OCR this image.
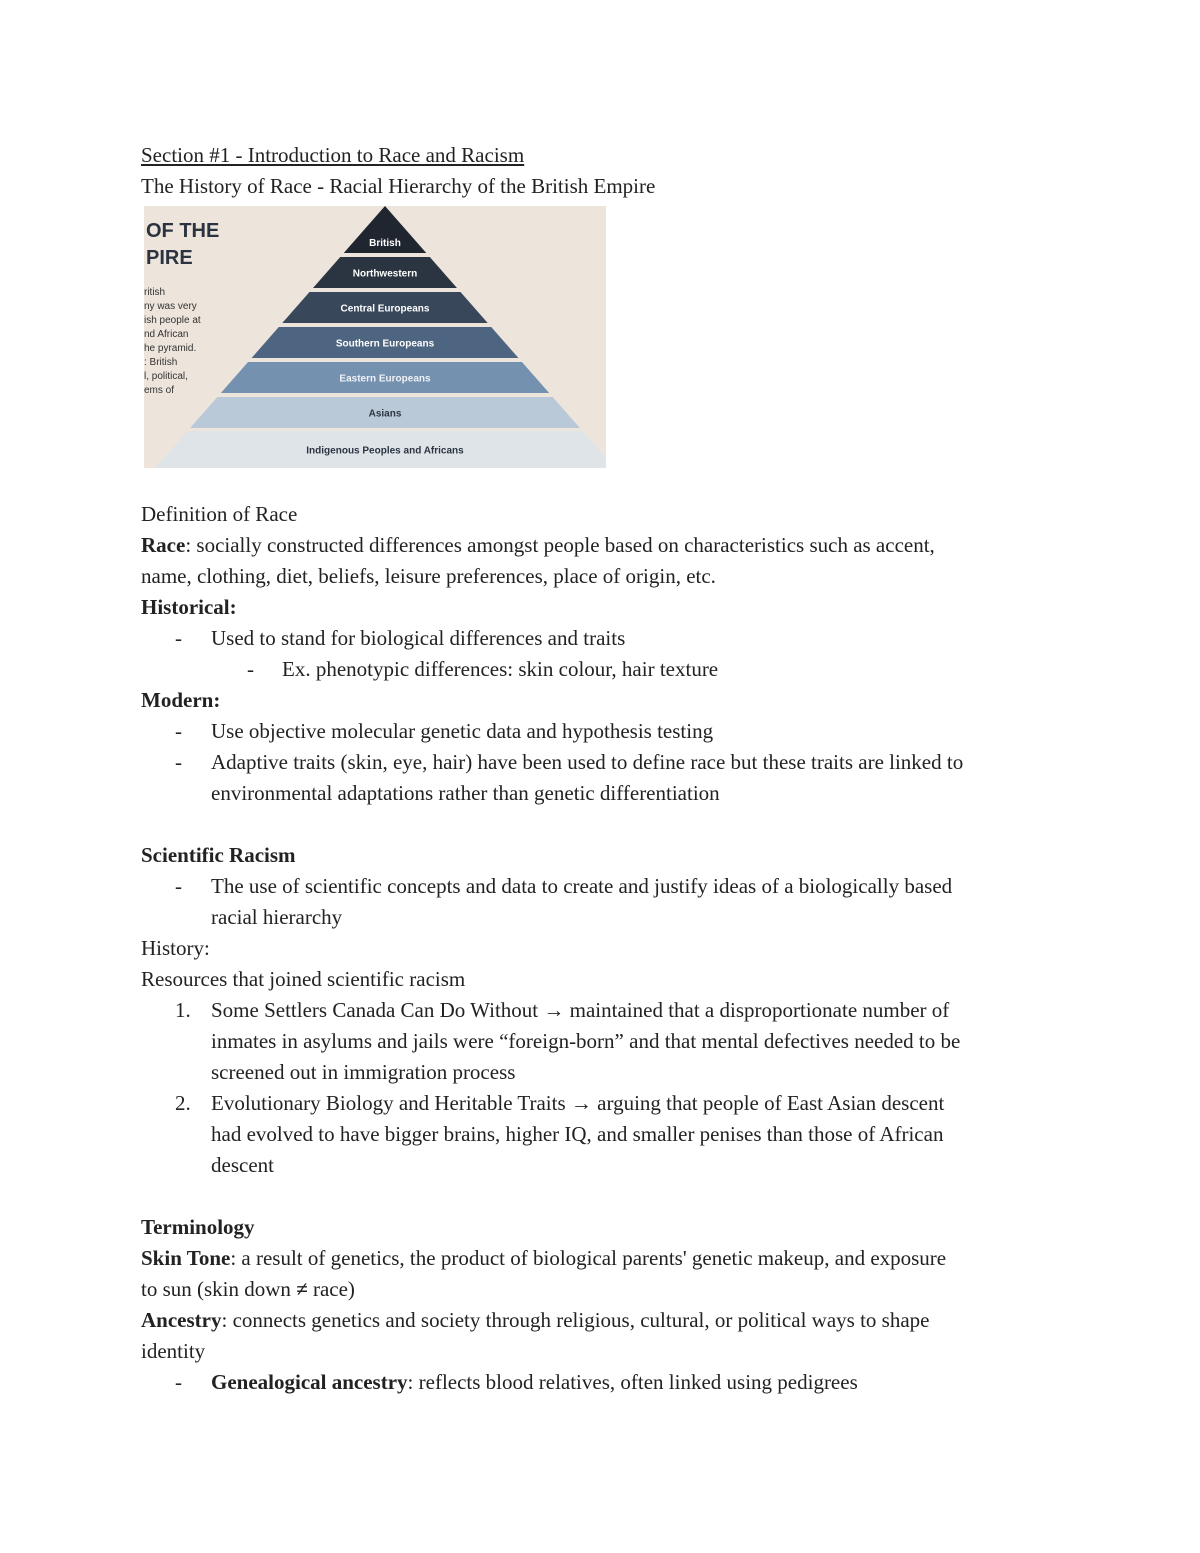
Section #1 - Introduction to Race and Racism
The History of Race - Racial Hierarchy of the British Empire
OF THE
PIRE
ritish
ny was very
ish people at
nd African
he pyramid.
: British
l, political,
ems of
British
Northwestern
Central Europeans
Southern Europeans
Eastern Europeans
Asians
Indigenous Peoples and Africans
Definition of Race
Race: socially constructed differences amongst people based on characteristics such as accent,
name, clothing, diet, beliefs, leisure preferences, place of origin, etc.
Historical:
- Used to stand for biological differences and traits
- Ex. phenotypic differences: skin colour, hair texture
Modern:
- Use objective molecular genetic data and hypothesis testing
- Adaptive traits (skin, eye, hair) have been used to define race but these traits are linked to
environmental adaptations rather than genetic differentiation
Scientific Racism
- The use of scientific concepts and data to create and justify ideas of a biologically based
racial hierarchy
History:
Resources that joined scientific racism
1. Some Settlers Canada Can Do Without → maintained that a disproportionate number of
inmates in asylums and jails were “foreign-born” and that mental defectives needed to be
screened out in immigration process
2. Evolutionary Biology and Heritable Traits → arguing that people of East Asian descent
had evolved to have bigger brains, higher IQ, and smaller penises than those of African
descent
Terminology
Skin Tone: a result of genetics, the product of biological parents' genetic makeup, and exposure
to sun (skin down ≠ race)
Ancestry: connects genetics and society through religious, cultural, or political ways to shape
identity
- Genealogical ancestry: reflects blood relatives, often linked using pedigrees
